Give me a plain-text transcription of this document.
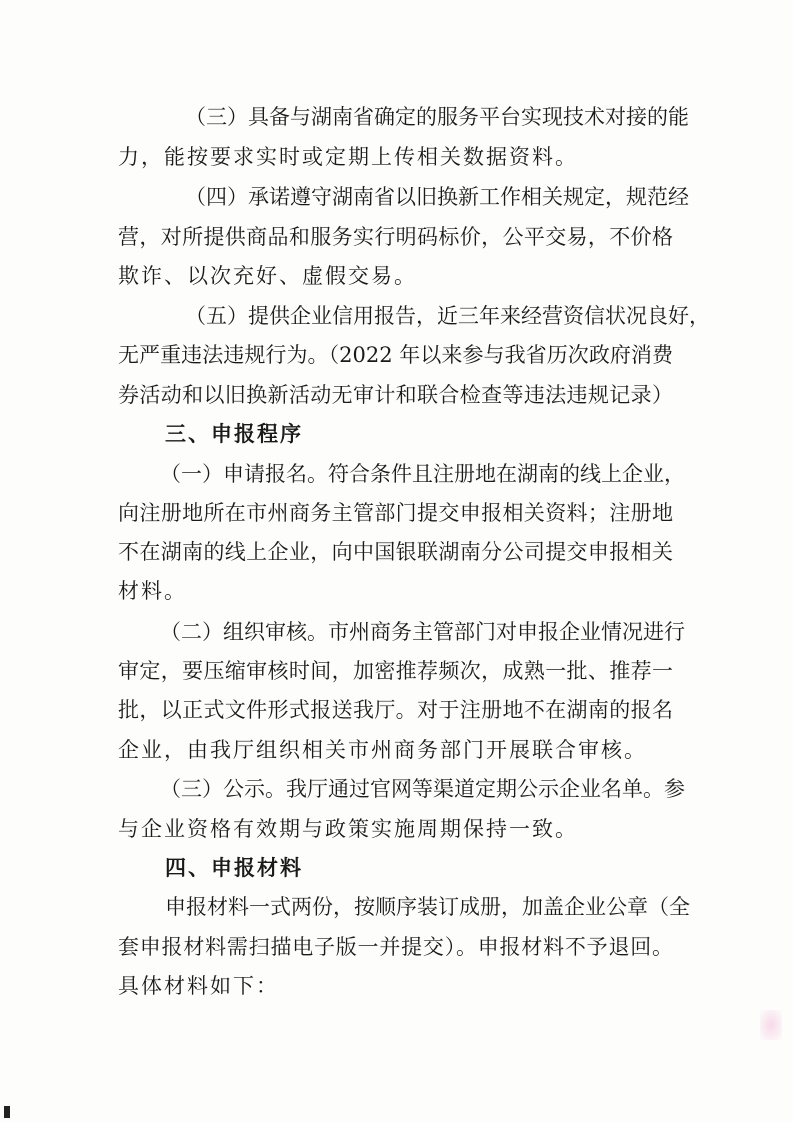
（三）具备与湖南省确定的服务平台实现技术对接的能
力，能按要求实时或定期上传相关数据资料。
（四）承诺遵守湖南省以旧换新工作相关规定，规范经
营，对所提供商品和服务实行明码标价，公平交易，不价格
欺诈、以次充好、虚假交易。
（五）提供企业信用报告，近三年来经营资信状况良好，
无严重违法违规行为。（2022 年以来参与我省历次政府消费
券活动和以旧换新活动无审计和联合检查等违法违规记录）
三、申报程序
（一）申请报名。符合条件且注册地在湖南的线上企业，
向注册地所在市州商务主管部门提交申报相关资料；注册地
不在湖南的线上企业，向中国银联湖南分公司提交申报相关
材料。
（二）组织审核。市州商务主管部门对申报企业情况进行
审定，要压缩审核时间，加密推荐频次，成熟一批、推荐一
批，以正式文件形式报送我厅。对于注册地不在湖南的报名
企业，由我厅组织相关市州商务部门开展联合审核。
（三）公示。我厅通过官网等渠道定期公示企业名单。参
与企业资格有效期与政策实施周期保持一致。
四、申报材料
申报材料一式两份，按顺序装订成册，加盖企业公章（全
套申报材料需扫描电子版一并提交）。申报材料不予退回。
具体材料如下：
